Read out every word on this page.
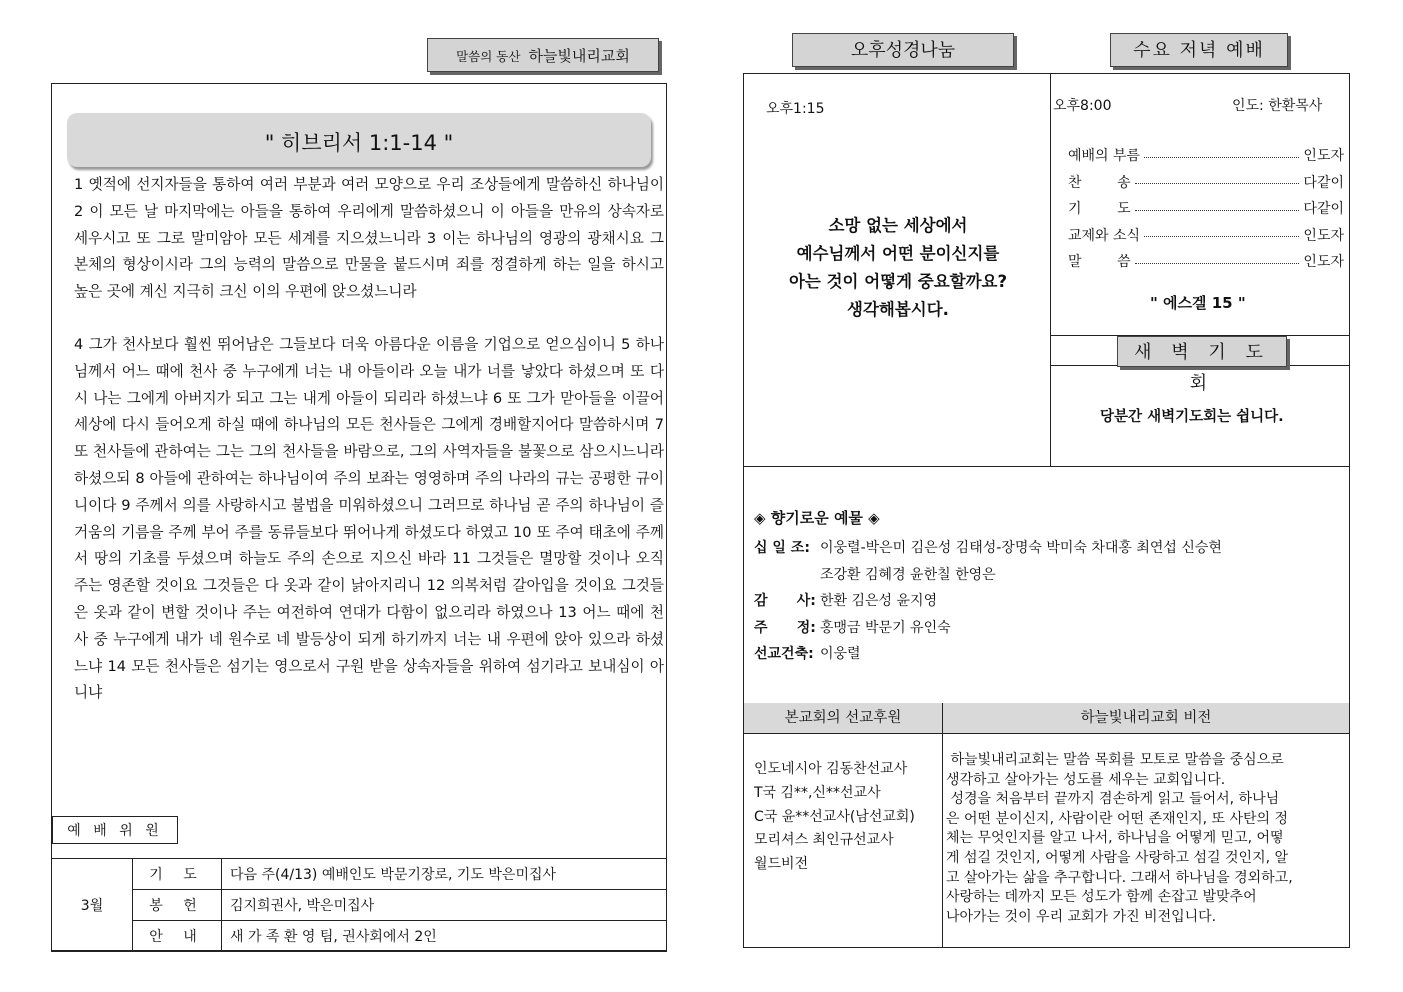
말씀의 동산 하늘빛내리교회
" 히브리서 1:1-14 "

1 옛적에 선지자들을 통하여 여러 부분과 여러 모양으로 우리 조상들에게 말씀하신 하나님이 2 이 모든 날 마지막에는 아들을 통하여 우리에게 말씀하셨으니 이 아들을 만유의 상속자로 세우시고 또 그로 말미암아 모든 세계를 지으셨느니라 3 이는 하나님의 영광의 광채시요 그 본체의 형상이시라 그의 능력의 말씀으로 만물을 붙드시며 죄를 정결하게 하는 일을 하시고 높은 곳에 계신 지극히 크신 이의 우편에 앉으셨느니라

4 그가 천사보다 훨씬 뛰어남은 그들보다 더욱 아름다운 이름을 기업으로 얻으심이니 5 하나님께서 어느 때에 천사 중 누구에게 너는 내 아들이라 오늘 내가 너를 낳았다 하셨으며 또 다시 나는 그에게 아버지가 되고 그는 내게 아들이 되리라 하셨느냐 6 또 그가 맏아들을 이끌어 세상에 다시 들어오게 하실 때에 하나님의 모든 천사들은 그에게 경배할지어다 말씀하시며 7 또 천사들에 관하여는 그는 그의 천사들을 바람으로, 그의 사역자들을 불꽃으로 삼으시느니라 하셨으되 8 아들에 관하여는 하나님이여 주의 보좌는 영영하며 주의 나라의 규는 공평한 규이니이다 9 주께서 의를 사랑하시고 불법을 미워하셨으니 그러므로 하나님 곧 주의 하나님이 즐거움의 기름을 주께 부어 주를 동류들보다 뛰어나게 하셨도다 하였고 10 또 주여 태초에 주께서 땅의 기초를 두셨으며 하늘도 주의 손으로 지으신 바라 11 그것들은 멸망할 것이나 오직 주는 영존할 것이요 그것들은 다 옷과 같이 낡아지리니 12 의복처럼 갈아입을 것이요 그것들은 옷과 같이 변할 것이나 주는 여전하여 연대가 다함이 없으리라 하였으나 13 어느 때에 천사 중 누구에게 내가 네 원수로 네 발등상이 되게 하기까지 너는 내 우편에 앉아 있으라 하셨느냐 14 모든 천사들은 섬기는 영으로서 구원 받을 상속자들을 위하여 섬기라고 보내심이 아니냐

예 배 위 원
3월	기 도	다음 주(4/13) 예배인도 박문기장로, 기도 박은미집사
	봉 헌	김지희권사, 박은미집사
	안 내	새 가 족 환 영 팀, 권사회에서 2인
오후성경나눔	수요 저녁 예배
오후1:15
소망 없는 세상에서
예수님께서 어떤 분이신지를
아는 것이 어떻게 중요할까요?
생각해봅시다.
오후8:00	인도: 한환목사
예배의 부름	인도자
찬        송	다같이
기        도	다같이
교제와 소식	인도자
말        씀	인도자
" 에스겔 15 "
새 벽 기 도 회
당분간 새벽기도회는 쉽니다.
◈ 향기로운 예물 ◈
십 일 조: 이웅렬-박은미 김은성 김태성-장명숙 박미숙 차대홍 최연섭 신승현
조강환 김혜경 윤한칠 한영은
감      사: 한환 김은성 윤지영
주      정: 홍맹금 박문기 유인숙
선교건축: 이웅렬
본교회의 선교후원	하늘빛내리교회 비전
인도네시아 김동찬선교사
T국 김**,신**선교사
C국 윤**선교사(남선교회)
모리셔스 최인규선교사
월드비전
하늘빛내리교회는 말씀 목회를 모토로 말씀을 중심으로
생각하고 살아가는 성도를 세우는 교회입니다.
성경을 처음부터 끝까지 겸손하게 읽고 들어서, 하나님
은 어떤 분이신지, 사람이란 어떤 존재인지, 또 사탄의 정
체는 무엇인지를 알고 나서, 하나님을 어떻게 믿고, 어떻
게 섬길 것인지, 어떻게 사람을 사랑하고 섬길 것인지, 알
고 살아가는 삶을 추구합니다. 그래서 하나님을 경외하고,
사랑하는 데까지 모든 성도가 함께 손잡고 발맞추어
나아가는 것이 우리 교회가 가진 비전입니다.
